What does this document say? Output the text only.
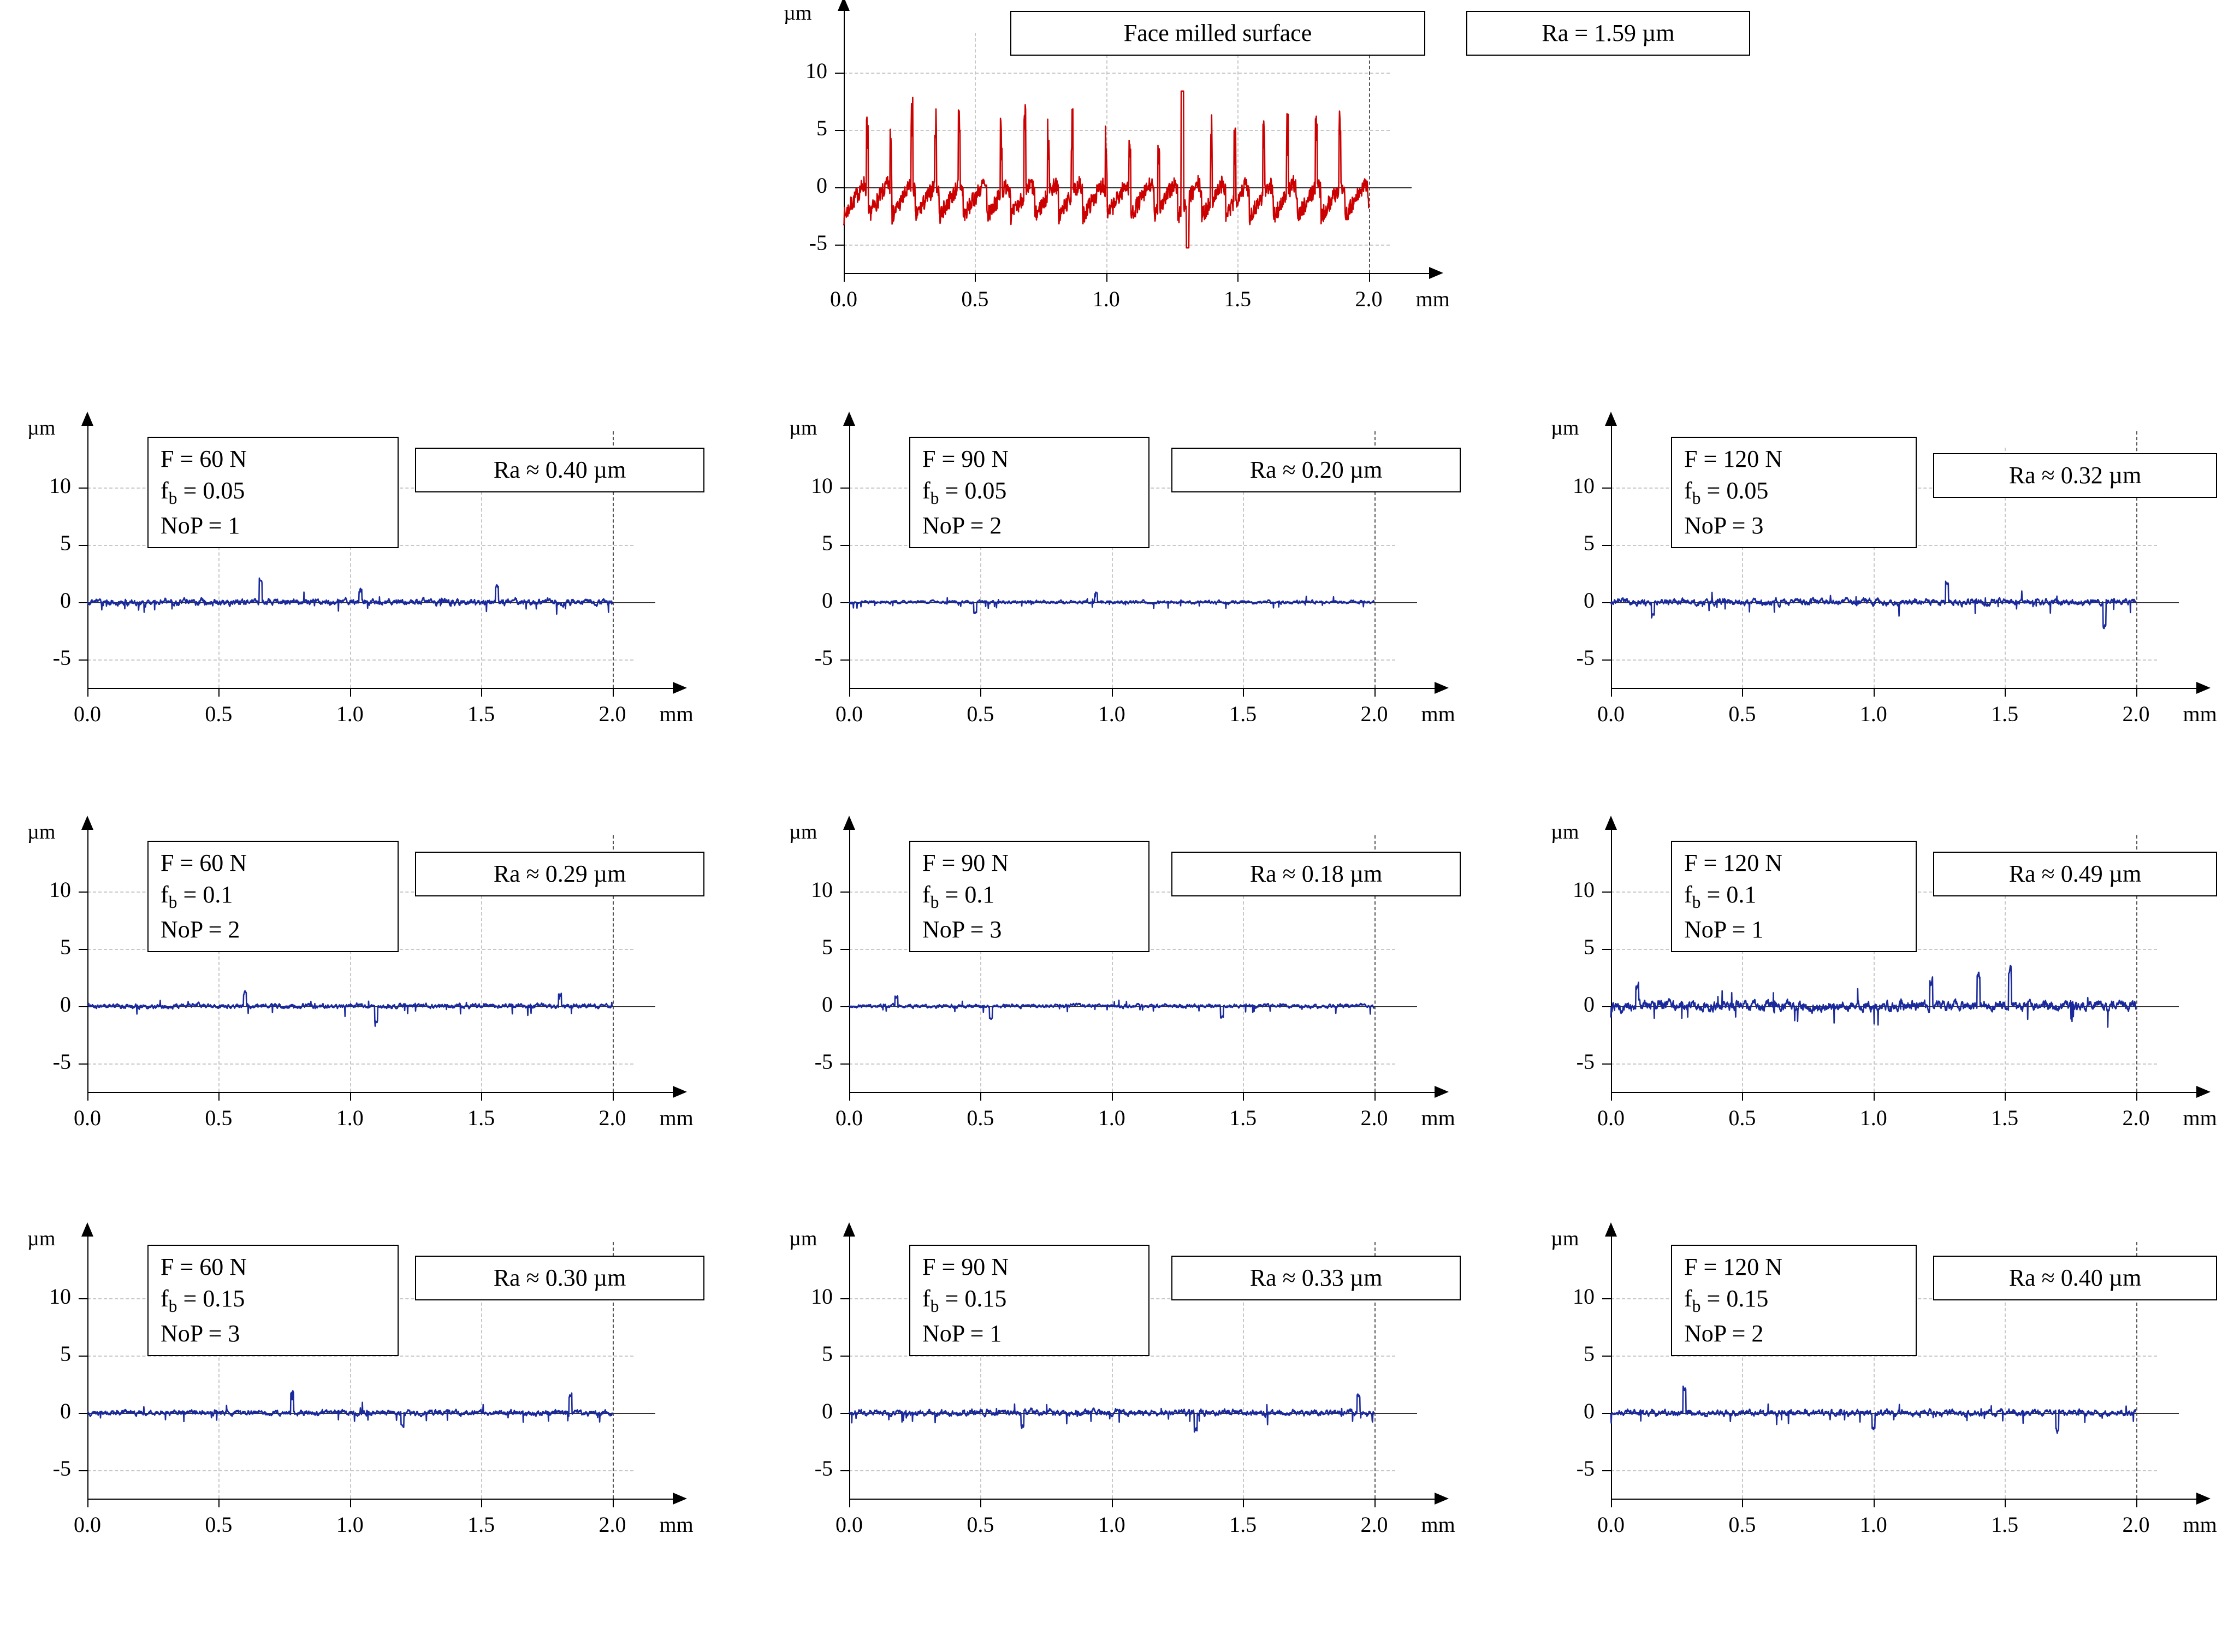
10
5
0
-5
0.0	0.5	1.0	1.5	2.0
µm
mm
10
5
0
-5
0.0	0.5	1.0	1.5	2.0
µm
mm
10
5
0
-5
0.0	0.5	1.0	1.5	2.0
µm
mm
10
5
0
-5
0.0	0.5	1.0	1.5	2.0
µm
mm
10
5
0
-5
0.0	0.5	1.0	1.5	2.0
µm
mm
10
5
0
-5
0.0	0.5	1.0	1.5	2.0
µm
mm
10
5
0
-5
0.0	0.5	1.0	1.5	2.0
µm
mm
10
5
0
-5
0.0	0.5	1.0	1.5	2.0
µm
mm
10
5
0
-5
0.0	0.5	1.0	1.5	2.0
µm
mm
10
5
0
-5
0.0	0.5	1.0	1.5	2.0
µm
mm
Face milled surface	Ra = 1.59 µm
F = 60 N
$f_b = 0.05$
NoP = 1
Ra ≈ 0.40 µm	F = 90 N
$f_b = 0.05$
NoP = 2
Ra ≈ 0.20 µm	F = 120 N
$f_b = 0.05$
NoP = 3
Ra ≈ 0.32 µm
F = 60 N
$f_b = 0.1$
NoP = 2
Ra ≈ 0.29 µm	F = 90 N
$f_b = 0.1$
NoP = 3
Ra ≈ 0.18 µm	F = 120 N
$f_b = 0.1$
NoP = 1
Ra ≈ 0.49 µm
F = 60 N
$f_b = 0.15$
NoP = 3
Ra ≈ 0.30 µm	F = 90 N
$f_b = 0.15$
NoP = 1
Ra ≈ 0.33 µm	F = 120 N
$f_b = 0.15$
NoP = 2
Ra ≈ 0.40 µm
